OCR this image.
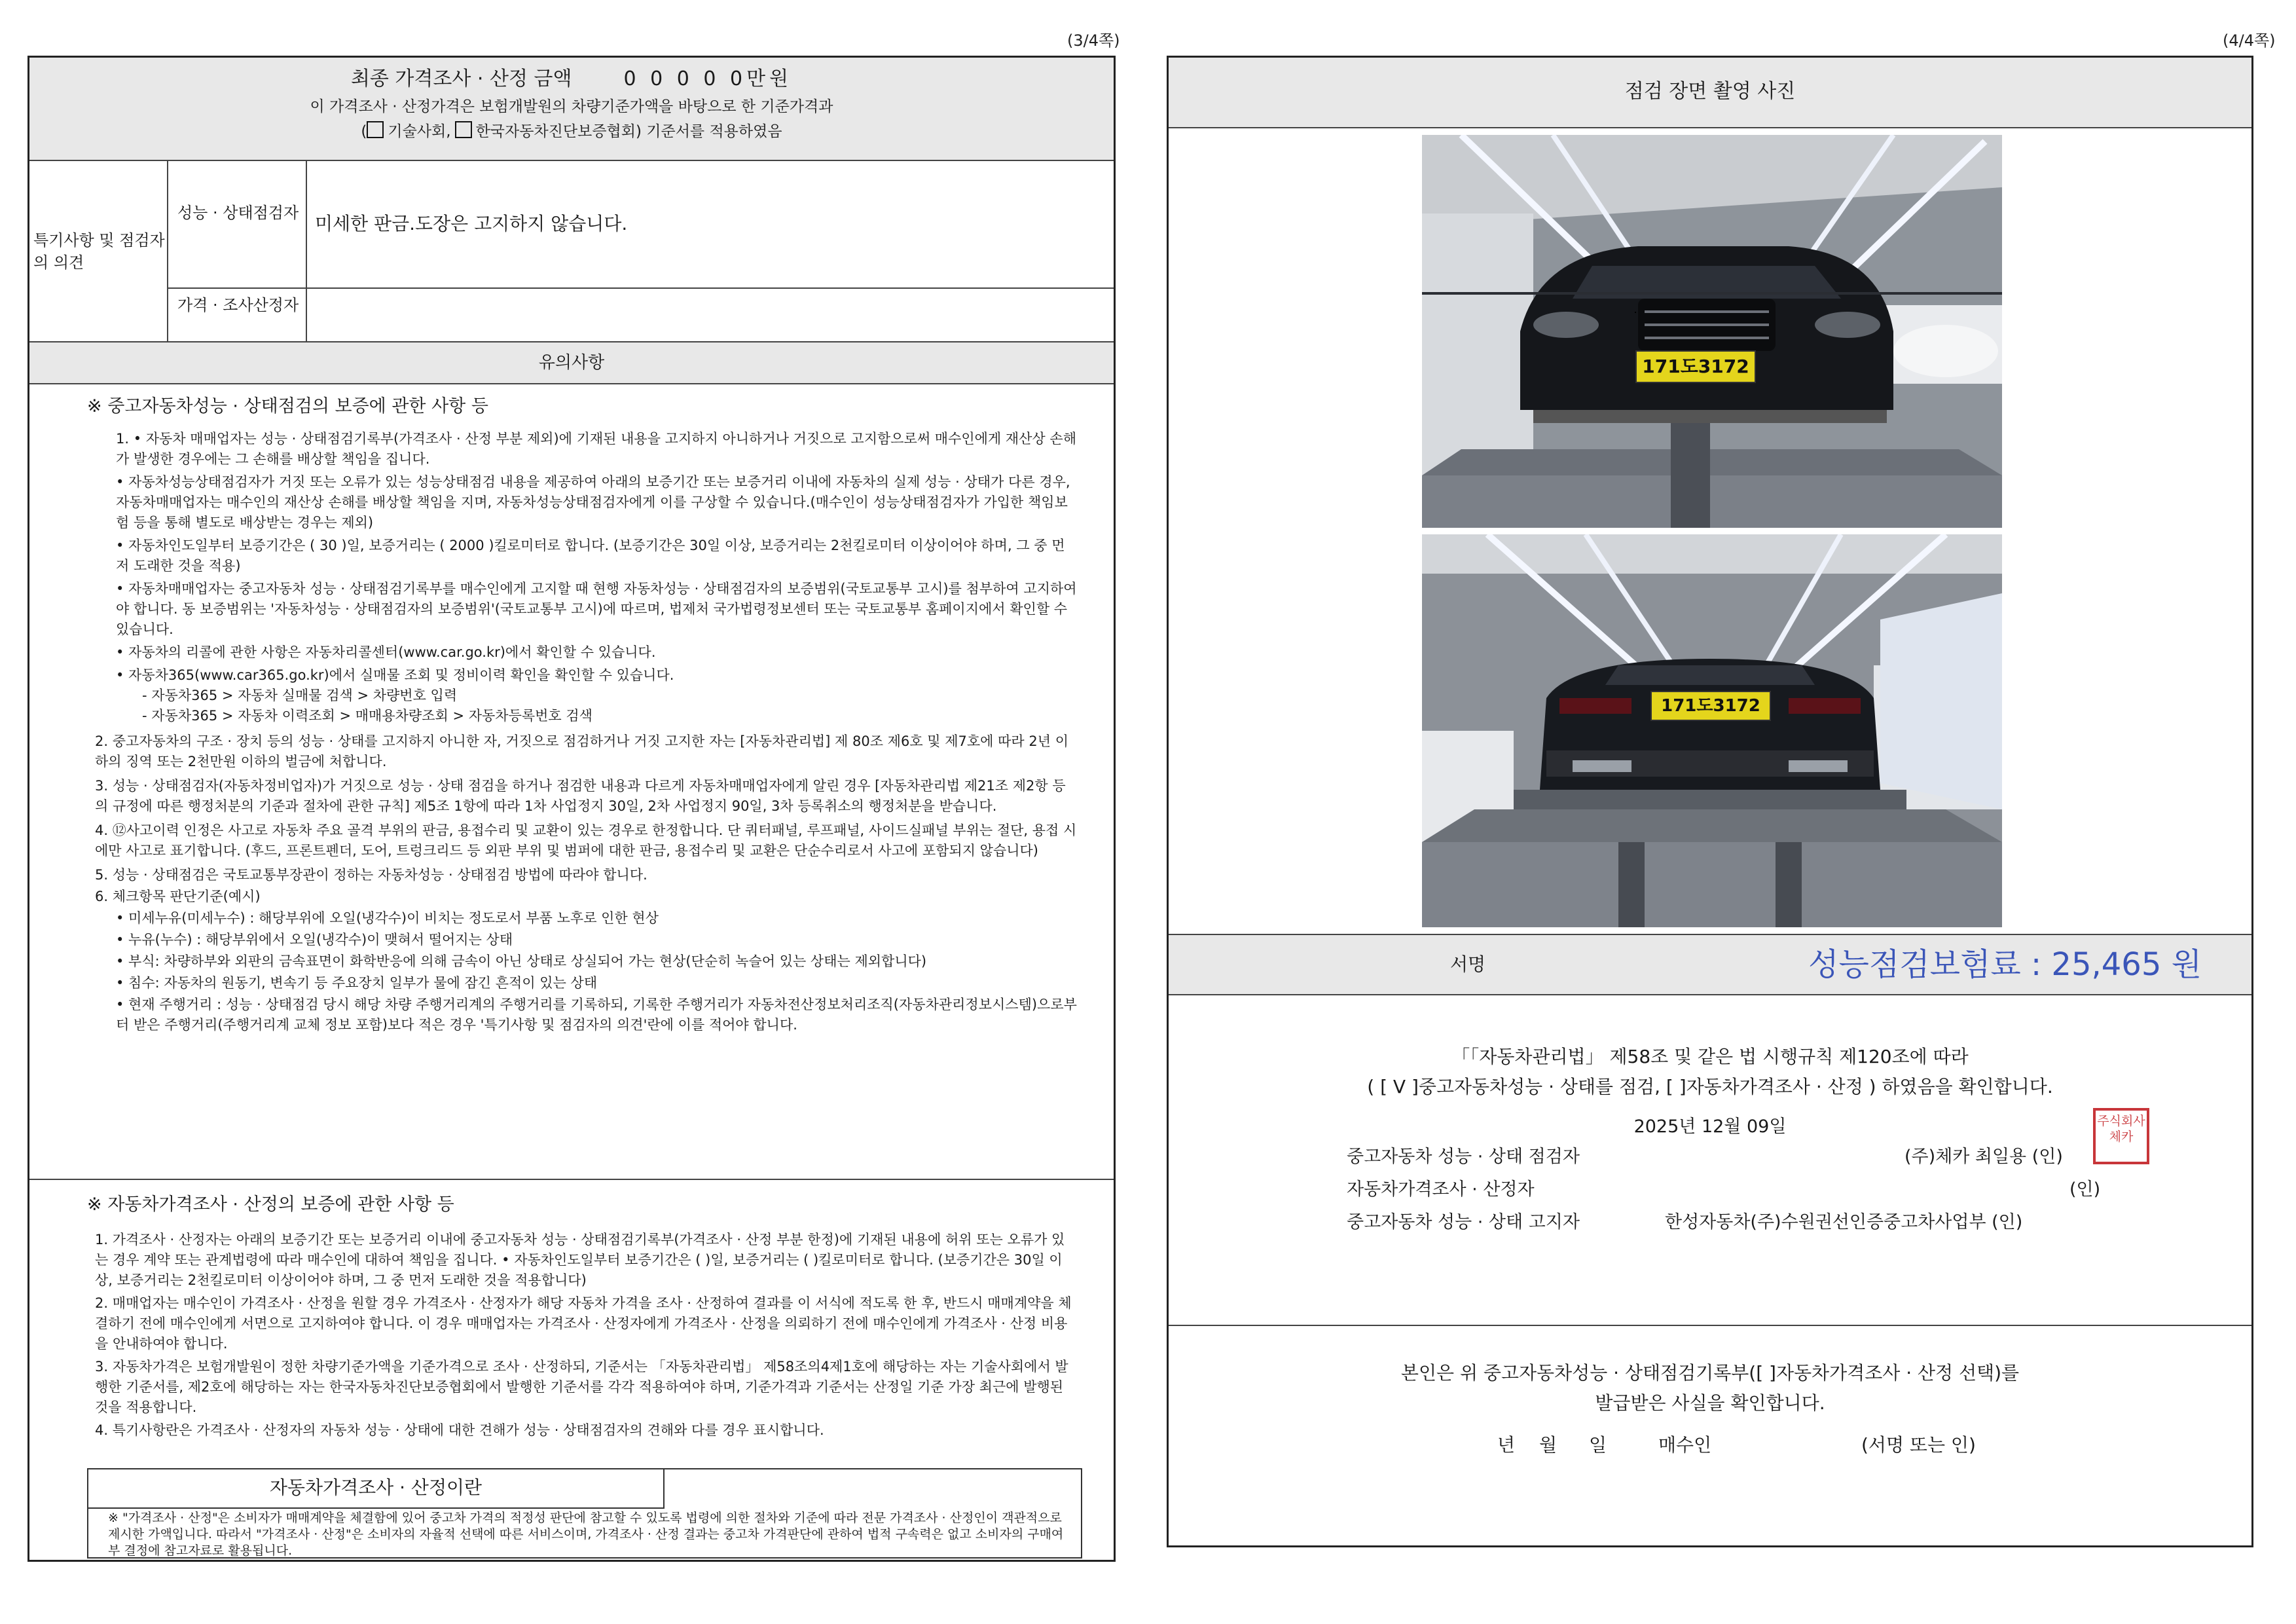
(3/4쪽)
최종 가격조사 · 산정 금액	0 0 0 0 0만원
이 가격조사 · 산정가격은 보험개발원의 차량기준가액을 바탕으로 한 기준가격과
( 기술사회, 한국자동차진단보증협회) 기준서를 적용하였음
특기사항 및 점검자의 의견
성능 · 상태점검자 미세한 판금.도장은 고지하지 않습니다.
가격 · 조사산정자
유의사항
※ 중고자동차성능 · 상태점검의 보증에 관한 사항 등
1. • 자동차 매매업자는 성능 · 상태점검기록부(가격조사 · 산정 부분 제외)에 기재된 내용을 고지하지 아니하거나 거짓으로 고지함으로써 매수인에게 재산상 손해가 발생한 경우에는 그 손해를 배상할 책임을 집니다.
• 자동차성능상태점검자가 거짓 또는 오류가 있는 성능상태점검 내용을 제공하여 아래의 보증기간 또는 보증거리 이내에 자동차의 실제 성능 · 상태가 다른 경우, 자동차매매업자는 매수인의 재산상 손해를 배상할 책임을 지며, 자동차성능상태점검자에게 이를 구상할 수 있습니다.(매수인이 성능상태점검자가 가입한 책임보험 등을 통해 별도로 배상받는 경우는 제외)
• 자동차인도일부터 보증기간은 ( 30 )일, 보증거리는 ( 2000 )킬로미터로 합니다. (보증기간은 30일 이상, 보증거리는 2천킬로미터 이상이어야 하며, 그 중 먼저 도래한 것을 적용)
• 자동차매매업자는 중고자동차 성능 · 상태점검기록부를 매수인에게 고지할 때 현행 자동차성능 · 상태점검자의 보증범위(국토교통부 고시)를 첨부하여 고지하여야 합니다. 동 보증범위는 '자동차성능 · 상태점검자의 보증범위'(국토교통부 고시)에 따르며, 법제처 국가법령정보센터 또는 국토교통부 홈페이지에서 확인할 수 있습니다.
• 자동차의 리콜에 관한 사항은 자동차리콜센터(www.car.go.kr)에서 확인할 수 있습니다.
• 자동차365(www.car365.go.kr)에서 실매물 조회 및 정비이력 확인을 확인할 수 있습니다.
- 자동차365 > 자동차 실매물 검색 > 차량번호 입력
- 자동차365 > 자동차 이력조회 > 매매용차량조회 > 자동차등록번호 검색
2. 중고자동차의 구조 · 장치 등의 성능 · 상태를 고지하지 아니한 자, 거짓으로 점검하거나 거짓 고지한 자는 [자동차관리법] 제 80조 제6호 및 제7호에 따라 2년 이하의 징역 또는 2천만원 이하의 벌금에 처합니다.
3. 성능 · 상태점검자(자동차정비업자)가 거짓으로 성능 · 상태 점검을 하거나 점검한 내용과 다르게 자동차매매업자에게 알린 경우 [자동차관리법 제21조 제2항 등의 규정에 따른 행정처분의 기준과 절차에 관한 규칙] 제5조 1항에 따라 1차 사업정지 30일, 2차 사업정지 90일, 3차 등록취소의 행정처분을 받습니다.
4. ⑫사고이력 인정은 사고로 자동차 주요 골격 부위의 판금, 용접수리 및 교환이 있는 경우로 한정합니다. 단 쿼터패널, 루프패널, 사이드실패널 부위는 절단, 용접 시에만 사고로 표기합니다. (후드, 프론트펜더, 도어, 트렁크리드 등 외판 부위 및 범퍼에 대한 판금, 용접수리 및 교환은 단순수리로서 사고에 포함되지 않습니다)
5. 성능 · 상태점검은 국토교통부장관이 정하는 자동차성능 · 상태점검 방법에 따라야 합니다.
6. 체크항목 판단기준(예시)
• 미세누유(미세누수) : 해당부위에 오일(냉각수)이 비치는 정도로서 부품 노후로 인한 현상
• 누유(누수) : 해당부위에서 오일(냉각수)이 맺혀서 떨어지는 상태
• 부식: 차량하부와 외판의 금속표면이 화학반응에 의해 금속이 아닌 상태로 상실되어 가는 현상(단순히 녹슬어 있는 상태는 제외합니다)
• 침수: 자동차의 원동기, 변속기 등 주요장치 일부가 물에 잠긴 흔적이 있는 상태
• 현재 주행거리 : 성능 · 상태점검 당시 해당 차량 주행거리계의 주행거리를 기록하되, 기록한 주행거리가 자동차전산정보처리조직(자동차관리정보시스템)으로부터 받은 주행거리(주행거리계 교체 정보 포함)보다 적은 경우 '특기사항 및 점검자의 의견'란에 이를 적어야 합니다.
※ 자동차가격조사 · 산정의 보증에 관한 사항 등
1. 가격조사 · 산정자는 아래의 보증기간 또는 보증거리 이내에 중고자동차 성능 · 상태점검기록부(가격조사 · 산정 부분 한정)에 기재된 내용에 허위 또는 오류가 있는 경우 계약 또는 관계법령에 따라 매수인에 대하여 책임을 집니다. • 자동차인도일부터 보증기간은 ( )일, 보증거리는 ( )킬로미터로 합니다. (보증기간은 30일 이상, 보증거리는 2천킬로미터 이상이어야 하며, 그 중 먼저 도래한 것을 적용합니다)
2. 매매업자는 매수인이 가격조사 · 산정을 원할 경우 가격조사 · 산정자가 해당 자동차 가격을 조사 · 산정하여 결과를 이 서식에 적도록 한 후, 반드시 매매계약을 체결하기 전에 매수인에게 서면으로 고지하여야 합니다. 이 경우 매매업자는 가격조사 · 산정자에게 가격조사 · 산정을 의뢰하기 전에 매수인에게 가격조사 · 산정 비용을 안내하여야 합니다.
3. 자동차가격은 보험개발원이 정한 차량기준가액을 기준가격으로 조사 · 산정하되, 기준서는 「자동차관리법」 제58조의4제1호에 해당하는 자는 기술사회에서 발행한 기준서를, 제2호에 해당하는 자는 한국자동차진단보증협회에서 발행한 기준서를 각각 적용하여야 하며, 기준가격과 기준서는 산정일 기준 가장 최근에 발행된 것을 적용합니다.
4. 특기사항란은 가격조사 · 산정자의 자동차 성능 · 상태에 대한 견해가 성능 · 상태점검자의 견해와 다를 경우 표시합니다.
자동차가격조사 · 산정이란
※ "가격조사 · 산정"은 소비자가 매매계약을 체결함에 있어 중고차 가격의 적정성 판단에 참고할 수 있도록 법령에 의한 절차와 기준에 따라 전문 가격조사 · 산정인이 객관적으로 제시한 가액입니다. 따라서 "가격조사 · 산정"은 소비자의 자율적 선택에 따른 서비스이며, 가격조사 · 산정 결과는 중고차 가격판단에 관하여 법적 구속력은 없고 소비자의 구매여부 결정에 참고자료로 활용됩니다.
(4/4쪽)
점검 장면 촬영 사진
171도3172
171도3172
서명	성능점검보험료 : 25,465 원
「「자동차관리법」 제58조 및 같은 법 시행규칙 제120조에 따라
( [ V ]중고자동차성능 · 상태를 점검, [ ]자동차가격조사 · 산정 ) 하였음을 확인합니다.
2025년 12월 09일
중고자동차 성능 · 상태 점검자	(주)체카 최일용 (인)
자동차가격조사 · 산정자	(인)
중고자동차 성능 · 상태 고지자	한성자동차(주)수원권선인증중고차사업부 (인)
주식회사체카
본인은 위 중고자동차성능 · 상태점검기록부([ ]자동차가격조사 · 산정 선택)를
발급받은 사실을 확인합니다.
년 월 일	매수인	(서명 또는 인)
